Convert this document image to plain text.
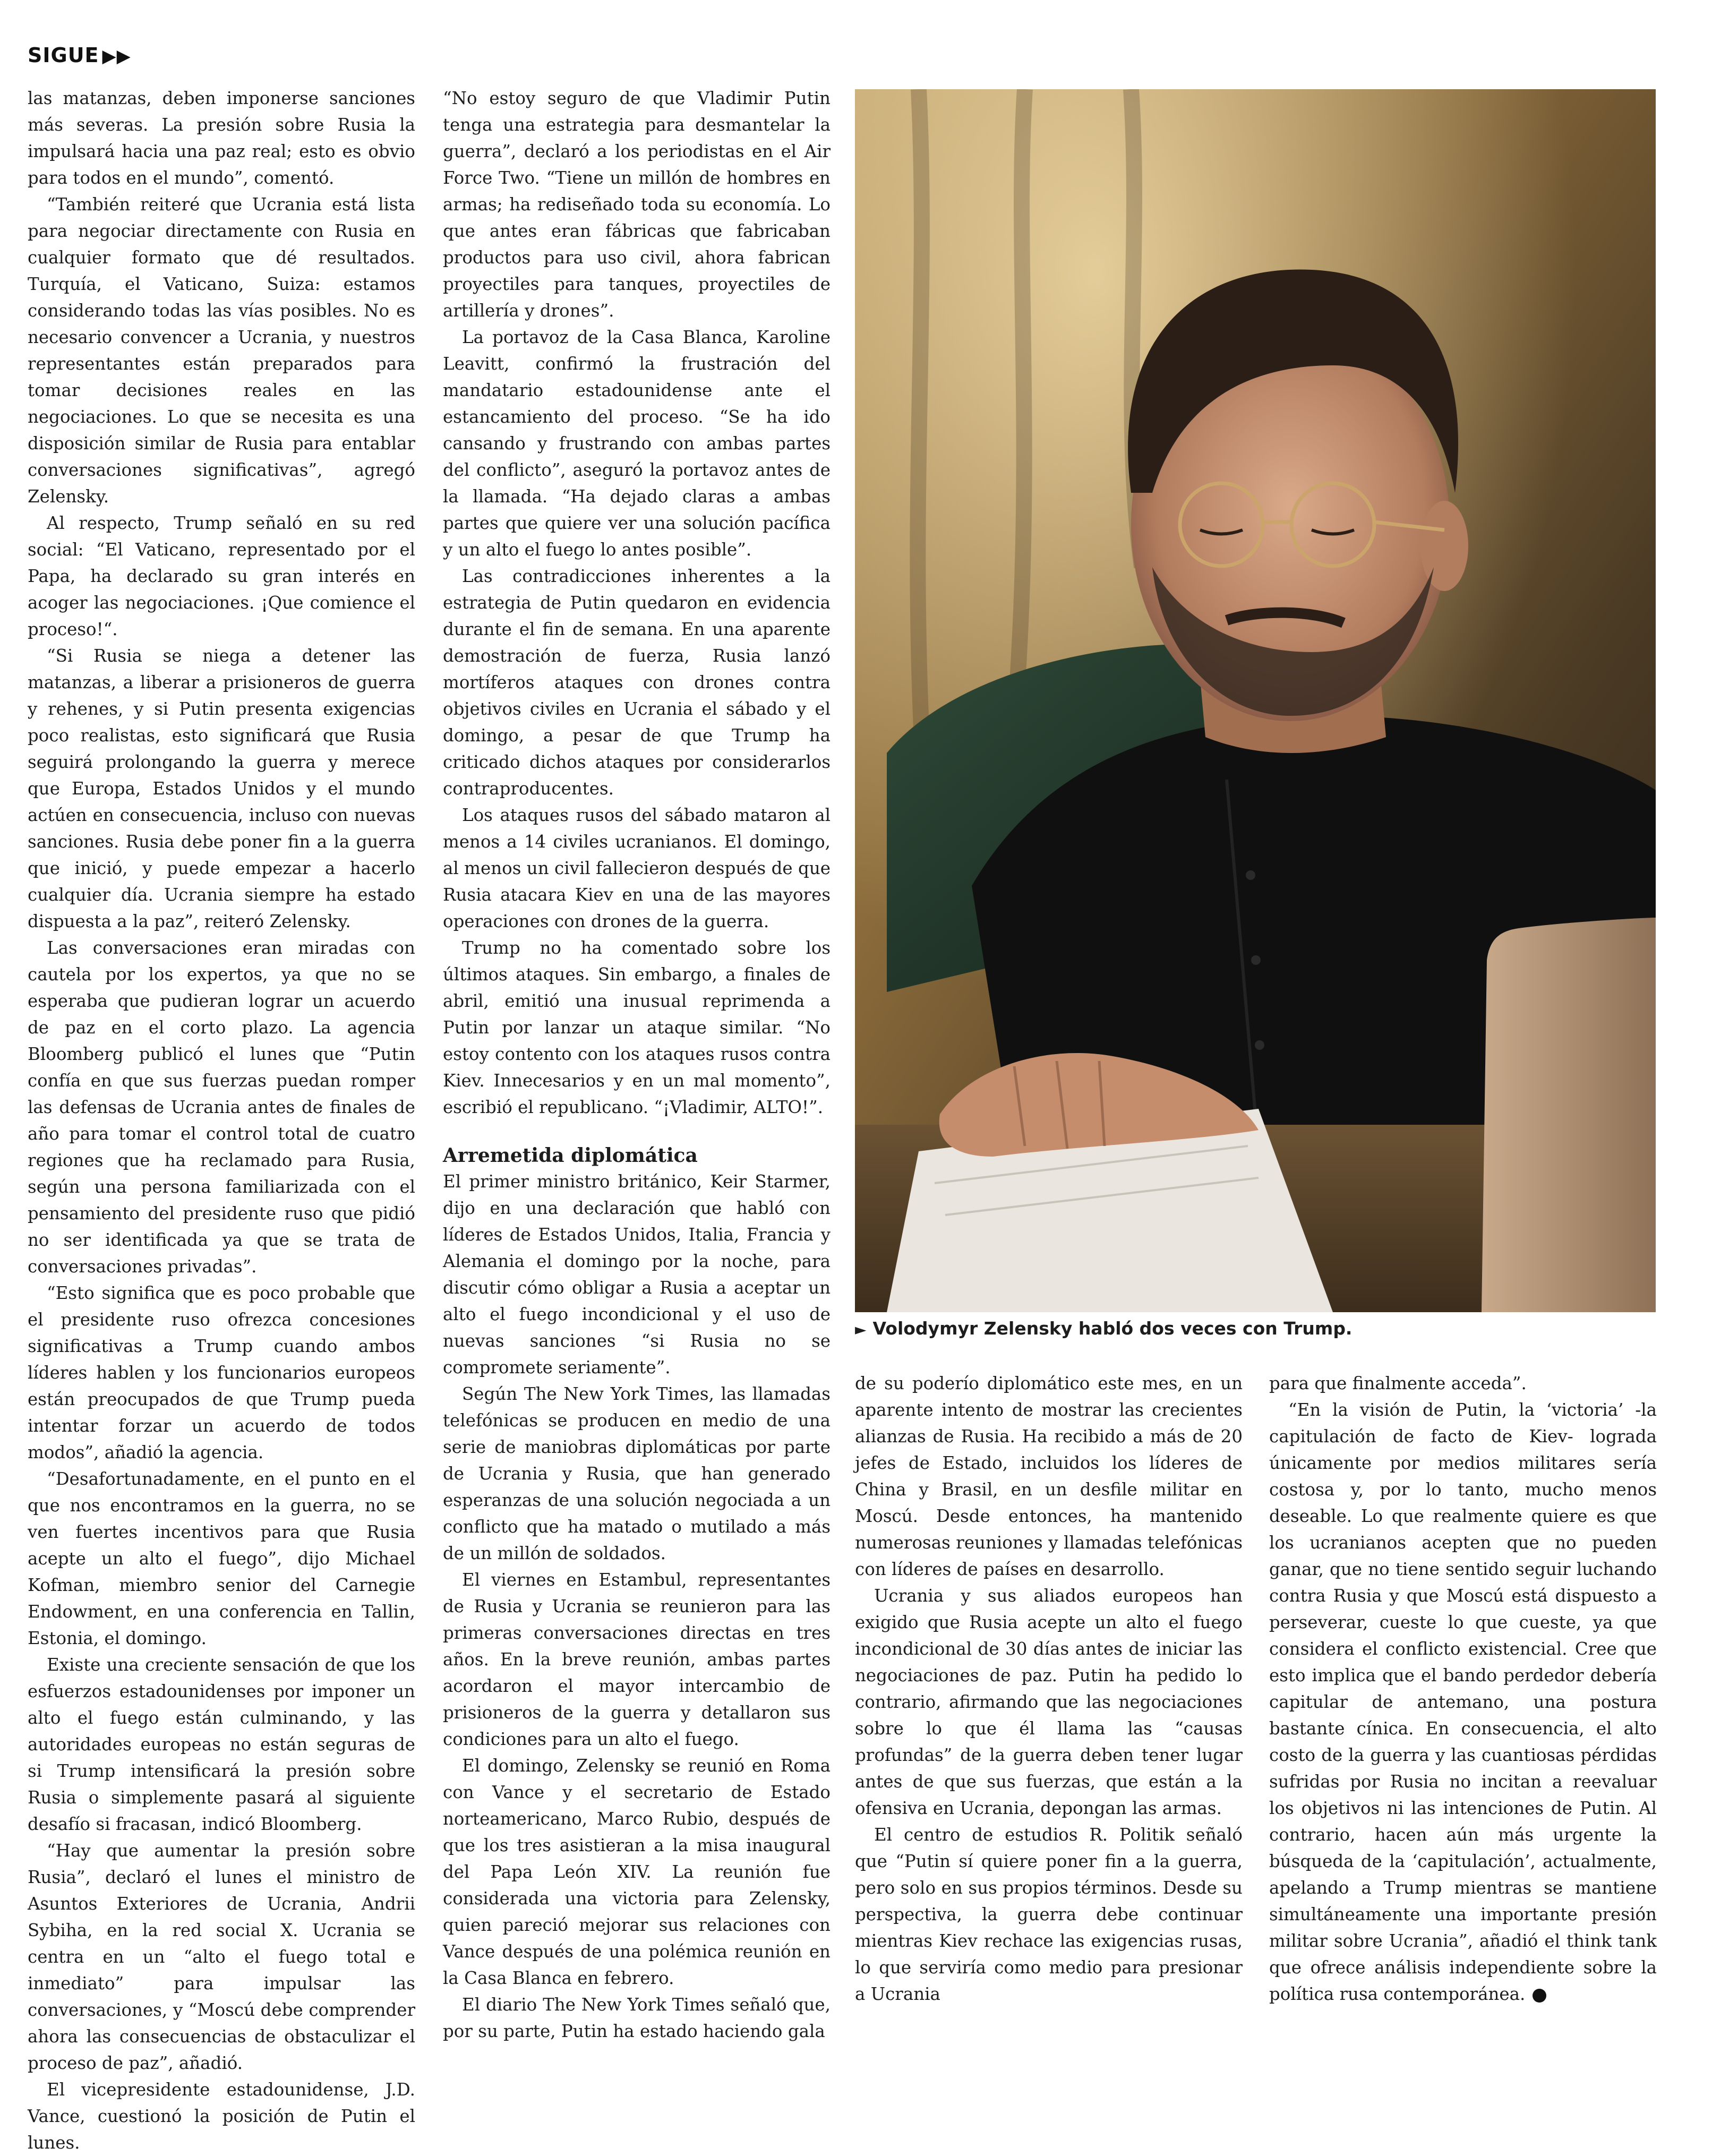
SIGUE ▶▶

las matanzas, deben imponerse sanciones más severas. La presión sobre Rusia la impulsará hacia una paz real; esto es obvio para todos en el mundo”, comentó.

“También reiteré que Ucrania está lista para negociar directamente con Rusia en cualquier formato que dé resultados. Turquía, el Vaticano, Suiza: estamos considerando todas las vías posibles. No es necesario convencer a Ucrania, y nuestros representantes están preparados para tomar decisiones reales en las negociaciones. Lo que se necesita es una disposición similar de Rusia para entablar conversaciones significativas”, agregó Zelensky.

Al respecto, Trump señaló en su red social: “El Vaticano, representado por el Papa, ha declarado su gran interés en acoger las negociaciones. ¡Que comience el proceso!“.

“Si Rusia se niega a detener las matanzas, a liberar a prisioneros de guerra y rehenes, y si Putin presenta exigencias poco realistas, esto significará que Rusia seguirá prolongando la guerra y merece que Europa, Estados Unidos y el mundo actúen en consecuencia, incluso con nuevas sanciones. Rusia debe poner fin a la guerra que inició, y puede empezar a hacerlo cualquier día. Ucrania siempre ha estado dispuesta a la paz”, reiteró Zelensky.

Las conversaciones eran miradas con cautela por los expertos, ya que no se esperaba que pudieran lograr un acuerdo de paz en el corto plazo. La agencia Bloomberg publicó el lunes que “Putin confía en que sus fuerzas puedan romper las defensas de Ucrania antes de finales de año para tomar el control total de cuatro regiones que ha reclamado para Rusia, según una persona familiarizada con el pensamiento del presidente ruso que pidió no ser identificada ya que se trata de conversaciones privadas”.

“Esto significa que es poco probable que el presidente ruso ofrezca concesiones significativas a Trump cuando ambos líderes hablen y los funcionarios europeos están preocupados de que Trump pueda intentar forzar un acuerdo de todos modos”, añadió la agencia.

“Desafortunadamente, en el punto en el que nos encontramos en la guerra, no se ven fuertes incentivos para que Rusia acepte un alto el fuego”, dijo Michael Kofman, miembro senior del Carnegie Endowment, en una conferencia en Tallin, Estonia, el domingo.

Existe una creciente sensación de que los esfuerzos estadounidenses por imponer un alto el fuego están culminando, y las autoridades europeas no están seguras de si Trump intensificará la presión sobre Rusia o simplemente pasará al siguiente desafío si fracasan, indicó Bloomberg.

“Hay que aumentar la presión sobre Rusia”, declaró el lunes el ministro de Asuntos Exteriores de Ucrania, Andrii Sybiha, en la red social X. Ucrania se centra en un “alto el fuego total e inmediato” para impulsar las conversaciones, y “Moscú debe comprender ahora las consecuencias de obstaculizar el proceso de paz”, añadió.

El vicepresidente estadounidense, J.D. Vance, cuestionó la posición de Putin el lunes.

“No estoy seguro de que Vladimir Putin tenga una estrategia para desmantelar la guerra”, declaró a los periodistas en el Air Force Two. “Tiene un millón de hombres en armas; ha rediseñado toda su economía. Lo que antes eran fábricas que fabricaban productos para uso civil, ahora fabrican proyectiles para tanques, proyectiles de artillería y drones”.

La portavoz de la Casa Blanca, Karoline Leavitt, confirmó la frustración del mandatario estadounidense ante el estancamiento del proceso. “Se ha ido cansando y frustrando con ambas partes del conflicto”, aseguró la portavoz antes de la llamada. “Ha dejado claras a ambas partes que quiere ver una solución pacífica y un alto el fuego lo antes posible”.

Las contradicciones inherentes a la estrategia de Putin quedaron en evidencia durante el fin de semana. En una aparente demostración de fuerza, Rusia lanzó mortíferos ataques con drones contra objetivos civiles en Ucrania el sábado y el domingo, a pesar de que Trump ha criticado dichos ataques por considerarlos contraproducentes.

Los ataques rusos del sábado mataron al menos a 14 civiles ucranianos. El domingo, al menos un civil fallecieron después de que Rusia atacara Kiev en una de las mayores operaciones con drones de la guerra.

Trump no ha comentado sobre los últimos ataques. Sin embargo, a finales de abril, emitió una inusual reprimenda a Putin por lanzar un ataque similar. “No estoy contento con los ataques rusos contra Kiev. Innecesarios y en un mal momento”, escribió el republicano. “¡Vladimir, ALTO!”.

Arremetida diplomática

El primer ministro británico, Keir Starmer, dijo en una declaración que habló con líderes de Estados Unidos, Italia, Francia y Alemania el domingo por la noche, para discutir cómo obligar a Rusia a aceptar un alto el fuego incondicional y el uso de nuevas sanciones “si Rusia no se compromete seriamente”.

Según The New York Times, las llamadas telefónicas se producen en medio de una serie de maniobras diplomáticas por parte de Ucrania y Rusia, que han generado esperanzas de una solución negociada a un conflicto que ha matado o mutilado a más de un millón de soldados.

El viernes en Estambul, representantes de Rusia y Ucrania se reunieron para las primeras conversaciones directas en tres años. En la breve reunión, ambas partes acordaron el mayor intercambio de prisioneros de la guerra y detallaron sus condiciones para un alto el fuego.

El domingo, Zelensky se reunió en Roma con Vance y el secretario de Estado norteamericano, Marco Rubio, después de que los tres asistieran a la misa inaugural del Papa León XIV. La reunión fue considerada una victoria para Zelensky, quien pareció mejorar sus relaciones con Vance después de una polémica reunión en la Casa Blanca en febrero.

El diario The New York Times señaló que, por su parte, Putin ha estado haciendo gala

► Volodymyr Zelensky habló dos veces con Trump.

de su poderío diplomático este mes, en un aparente intento de mostrar las crecientes alianzas de Rusia. Ha recibido a más de 20 jefes de Estado, incluidos los líderes de China y Brasil, en un desfile militar en Moscú. Desde entonces, ha mantenido numerosas reuniones y llamadas telefónicas con líderes de países en desarrollo.

Ucrania y sus aliados europeos han exigido que Rusia acepte un alto el fuego incondicional de 30 días antes de iniciar las negociaciones de paz. Putin ha pedido lo contrario, afirmando que las negociaciones sobre lo que él llama las “causas profundas” de la guerra deben tener lugar antes de que sus fuerzas, que están a la ofensiva en Ucrania, depongan las armas.

El centro de estudios R. Politik señaló que “Putin sí quiere poner fin a la guerra, pero solo en sus propios términos. Desde su perspectiva, la guerra debe continuar mientras Kiev rechace las exigencias rusas, lo que serviría como medio para presionar a Ucrania

para que finalmente acceda”.

“En la visión de Putin, la ‘victoria’ -la capitulación de facto de Kiev- lograda únicamente por medios militares sería costosa y, por lo tanto, mucho menos deseable. Lo que realmente quiere es que los ucranianos acepten que no pueden ganar, que no tiene sentido seguir luchando contra Rusia y que Moscú está dispuesto a perseverar, cueste lo que cueste, ya que considera el conflicto existencial. Cree que esto implica que el bando perdedor debería capitular de antemano, una postura bastante cínica. En consecuencia, el alto costo de la guerra y las cuantiosas pérdidas sufridas por Rusia no incitan a reevaluar los objetivos ni las intenciones de Putin. Al contrario, hacen aún más urgente la búsqueda de la ‘capitulación’, actualmente, apelando a Trump mientras se mantiene simultáneamente una importante presión militar sobre Ucrania”, añadió el think tank que ofrece análisis independiente sobre la política rusa contemporánea.
